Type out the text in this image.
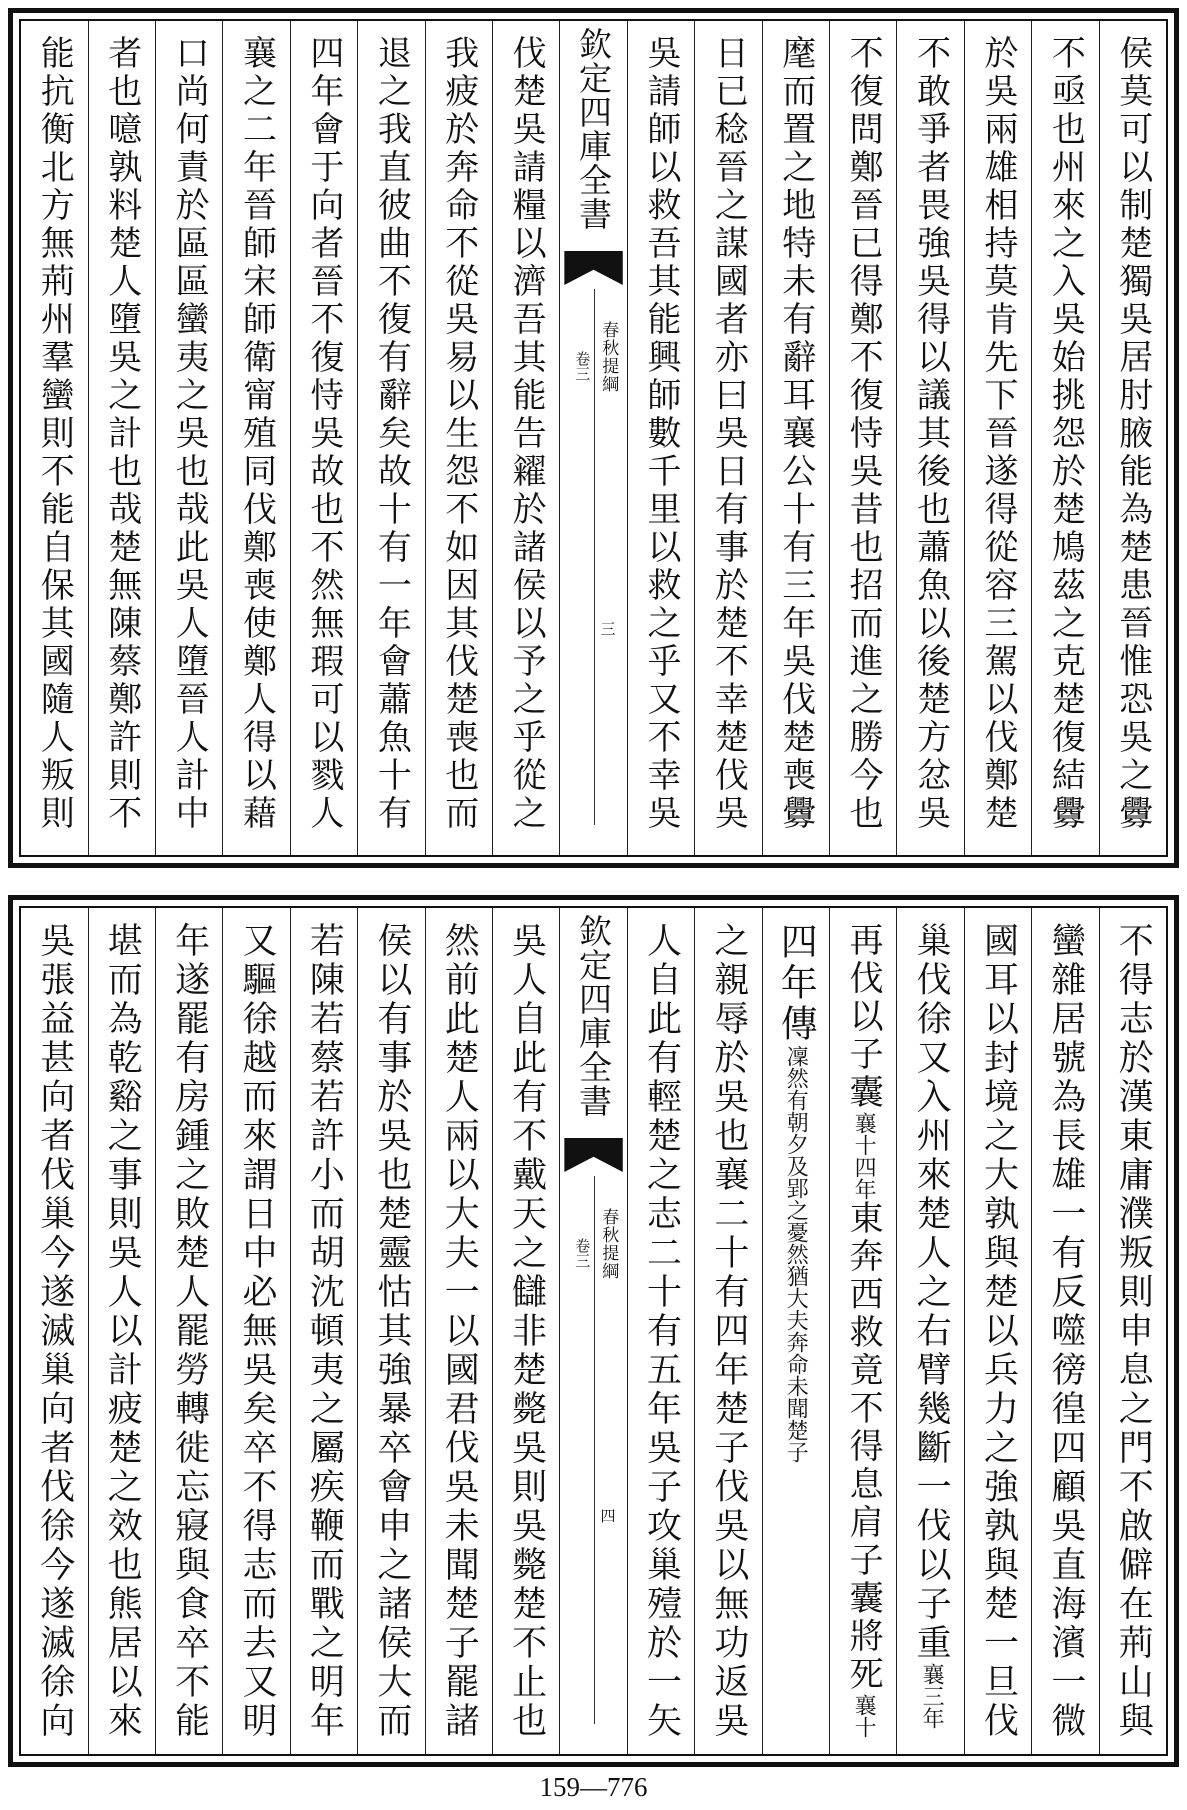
侯莫可以制楚獨吳居肘腋能為楚患晉惟恐吳之釁
不亟也州來之入吳始挑怨於楚鳩茲之克楚復結釁
於吳兩雄相持莫肯先下晉遂得從容三駕以伐鄭楚
不敢爭者畏強吳得以議其後也蕭魚以後楚方忿吳
不復問鄭晉已得鄭不復恃吳昔也招而進之勝今也
麾而置之地特未有辭耳襄公十有三年吳伐楚喪釁
日已稔晉之謀國者亦曰吳日有事於楚不幸楚伐吳
吳請師以救吾其能興師數千里以救之乎又不幸吳
欽定四庫全書
春秋提綱
卷三
三
伐楚吳請糧以濟吾其能告糴於諸侯以予之乎從之
我疲於奔命不從吳易以生怨不如因其伐楚喪也而
退之我直彼曲不復有辭矣故十有一年會蕭魚十有
四年會于向者晉不復恃吳故也不然無瑕可以戮人
襄之二年晉師宋師衛甯殖同伐鄭喪使鄭人得以藉
口尚何責於區區蠻夷之吳也哉此吳人墮晉人計中
者也噫孰料楚人墮吳之計也哉楚無陳蔡鄭許則不
能抗衡北方無荊州羣蠻則不能自保其國隨人叛則
不得志於漢東庸濮叛則申息之門不啟僻在荊山與
蠻雜居號為長雄一有反噬徬徨四顧吳直海濱一微
國耳以封境之大孰與楚以兵力之強孰與楚一旦伐
巢伐徐又入州來楚人之右臂幾斷一伐以子重襄三年
再伐以子囊襄十四年東奔西救竟不得息肩子囊將死襄十
四年傳凜然有朝夕及郢之憂然猶大夫奔命未聞楚子
之親辱於吳也襄二十有四年楚子伐吳以無功返吳
人自此有輕楚之志二十有五年吳子攻巢殪於一矢
欽定四庫全書
春秋提綱
卷三
四
吳人自此有不戴天之讎非楚斃吳則吳斃楚不止也
然前此楚人兩以大夫一以國君伐吳未聞楚子罷諸
侯以有事於吳也楚靈怙其強暴卒會申之諸侯大而
若陳若蔡若許小而胡沈頓夷之屬疾鞭而戰之明年
又驅徐越而來謂日中必無吳矣卒不得志而去又明
年遂罷有房鍾之敗楚人罷勞轉徙忘寢與食卒不能
堪而為乾谿之事則吳人以計疲楚之效也熊居以來
吳張益甚向者伐巢今遂滅巢向者伐徐今遂滅徐向
159—776
